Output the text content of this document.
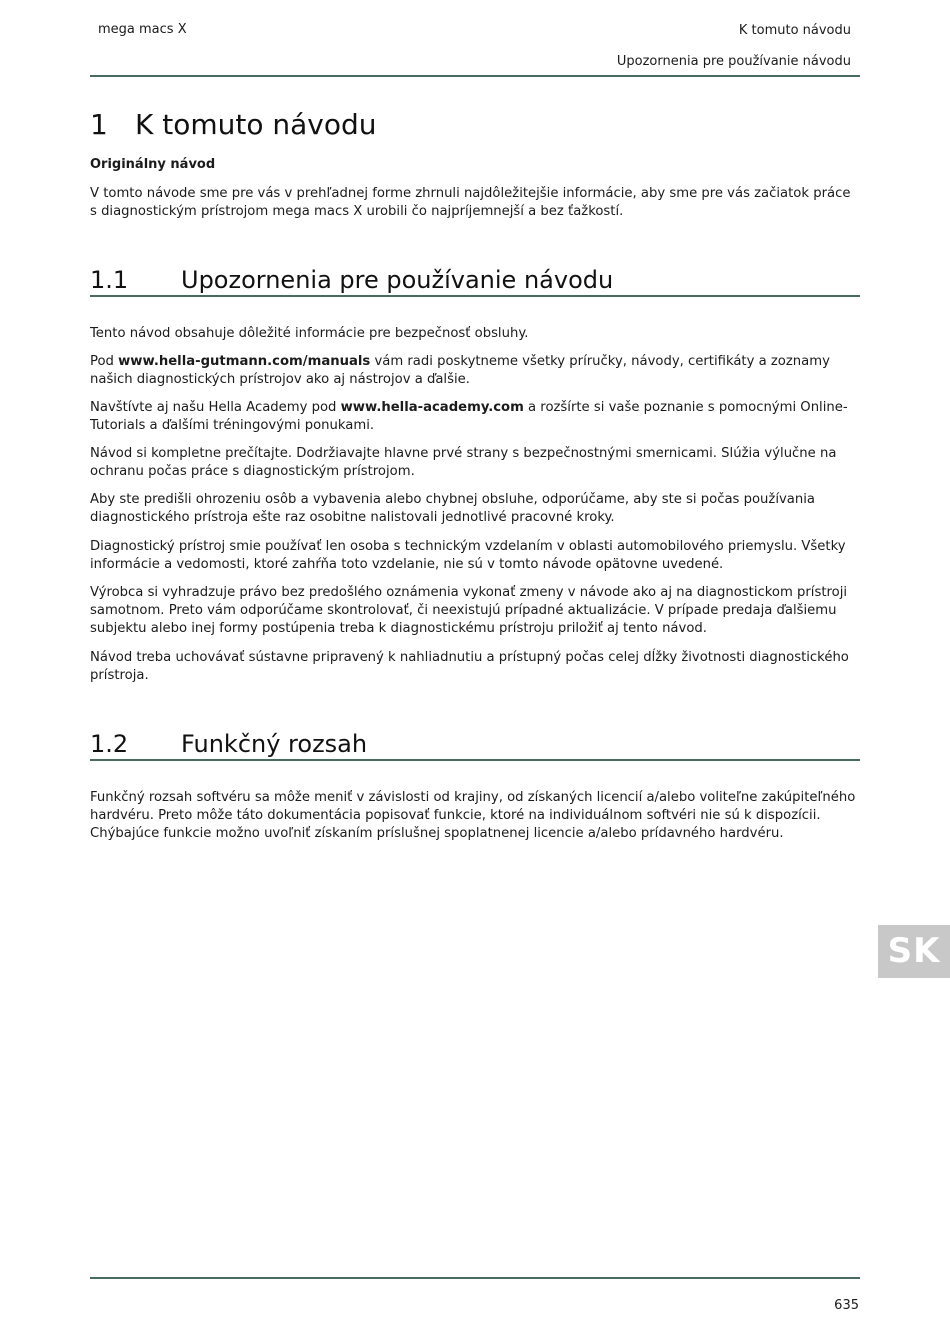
mega macs X	K tomuto návodu
Upozornenia pre používanie návodu
1 K tomuto návodu
Originálny návod
V tomto návode sme pre vás v prehľadnej forme zhrnuli najdôležitejšie informácie, aby sme pre vás začiatok práce s diagnostickým prístrojom mega macs X urobili čo najpríjemnejší a bez ťažkostí.
1.1 Upozornenia pre používanie návodu
Tento návod obsahuje dôležité informácie pre bezpečnosť obsluhy.
Pod www.hella-gutmann.com/manuals vám radi poskytneme všetky príručky, návody, certifikáty a zoznamy našich diagnostických prístrojov ako aj nástrojov a ďalšie.
Navštívte aj našu Hella Academy pod www.hella-academy.com a rozšírte si vaše poznanie s pomocnými Online-Tutorials a ďalšími tréningovými ponukami.
Návod si kompletne prečítajte. Dodržiavajte hlavne prvé strany s bezpečnostnými smernicami. Slúžia výlučne na ochranu počas práce s diagnostickým prístrojom.
Aby ste predišli ohrozeniu osôb a vybavenia alebo chybnej obsluhe, odporúčame, aby ste si počas používania diagnostického prístroja ešte raz osobitne nalistovali jednotlivé pracovné kroky.
Diagnostický prístroj smie používať len osoba s technickým vzdelaním v oblasti automobilového priemyslu. Všetky informácie a vedomosti, ktoré zahŕňa toto vzdelanie, nie sú v tomto návode opätovne uvedené.
Výrobca si vyhradzuje právo bez predošlého oznámenia vykonať zmeny v návode ako aj na diagnostickom prístroji samotnom. Preto vám odporúčame skontrolovať, či neexistujú prípadné aktualizácie. V prípade predaja ďalšiemu subjektu alebo inej formy postúpenia treba k diagnostickému prístroju priložiť aj tento návod.
Návod treba uchovávať sústavne pripravený k nahliadnutiu a prístupný počas celej dĺžky životnosti diagnostického prístroja.
1.2 Funkčný rozsah
Funkčný rozsah softvéru sa môže meniť v závislosti od krajiny, od získaných licencií a/alebo voliteľne zakúpiteľného hardvéru. Preto môže táto dokumentácia popisovať funkcie, ktoré na individuálnom softvéri nie sú k dispozícii. Chýbajúce funkcie možno uvoľniť získaním príslušnej spoplatnenej licencie a/alebo prídavného hardvéru.
SK
635
